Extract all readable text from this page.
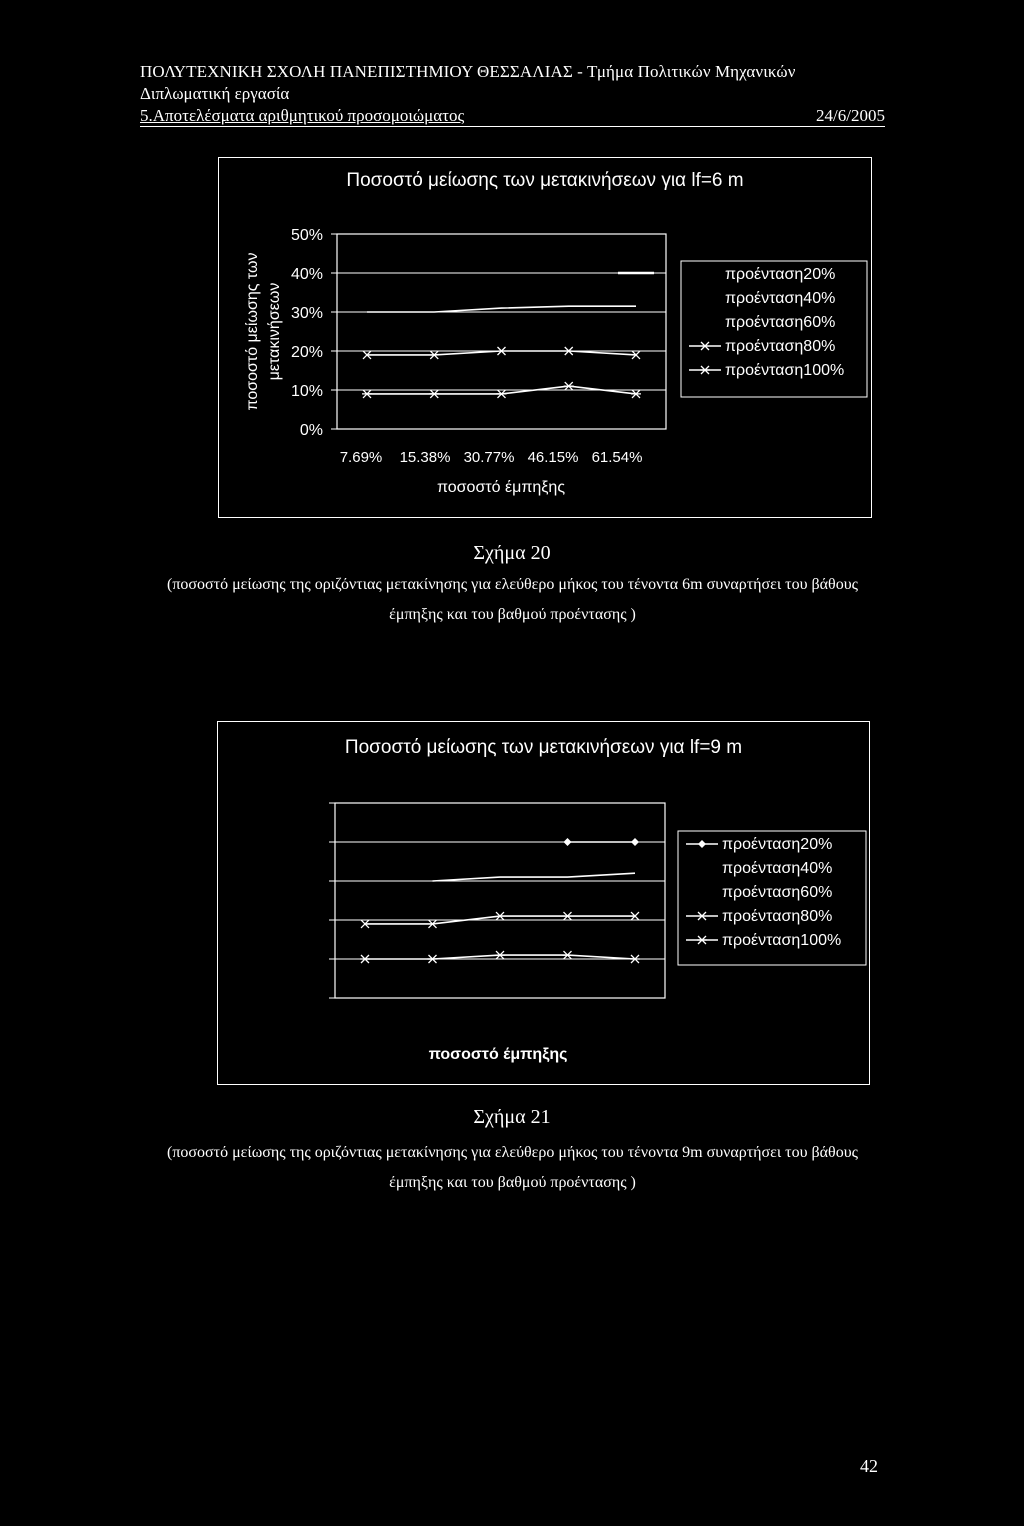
ΠΟΛΥΤΕΧΝΙΚΗ ΣΧΟΛΗ ΠΑΝΕΠΙΣΤΗΜΙΟΥ ΘΕΣΣΑΛΙΑΣ - Τμήμα Πολιτικών Μηχανικών
Διπλωματική εργασία
5.Αποτελέσματα αριθμητικού προσομοιώματος	24/6/2005
Ποσοστό μείωσης των μετακινήσεων για lf=6 m
50%
40%
30%
20%
10%
0%
7.69% 15.38% 30.77% 46.15% 61.54%
ποσοστό μείωσης των μετακινήσεων
ποσοστό έμπηξης
προένταση20%
προένταση40%
προένταση60%
προένταση80%
προένταση100%
Σχήμα 20
(ποσοστό μείωσης της οριζόντιας μετακίνησης για ελεύθερο μήκος του τένοντα 6m συναρτήσει του βάθους έμπηξης και του βαθμού προέντασης )
Ποσοστό μείωσης των μετακινήσεων για lf=9 m
ποσοστό έμπηξης
προένταση20%
προένταση40%
προένταση60%
προένταση80%
προένταση100%
Σχήμα 21
(ποσοστό μείωσης της οριζόντιας μετακίνησης για ελεύθερο μήκος του τένοντα 9m συναρτήσει του βάθους έμπηξης και του βαθμού προέντασης )
42
